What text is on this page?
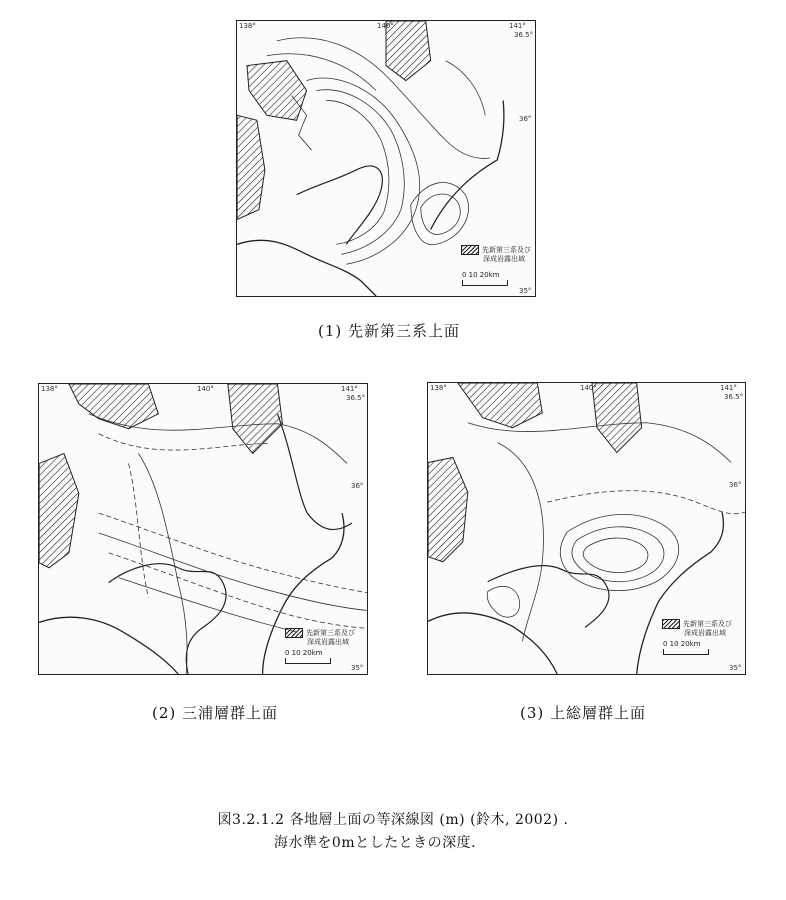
138°	140°	141°
36.5°
36°
35°
先新第三系及び
深成岩露出域
0 10 20km
(1) 先新第三系上面
138°	140°	141°
36.5°
36°
35°
先新第三系及び
深成岩露出域
0 10 20km
(2) 三浦層群上面
138°	140°	141°
36.5°
36°
35°
先新第三系及び
深成岩露出域
0 10 20km
(3) 上総層群上面
図3.2.1.2 各地層上面の等深線図 (m) (鈴木, 2002) .
海水準を0mとしたときの深度.
